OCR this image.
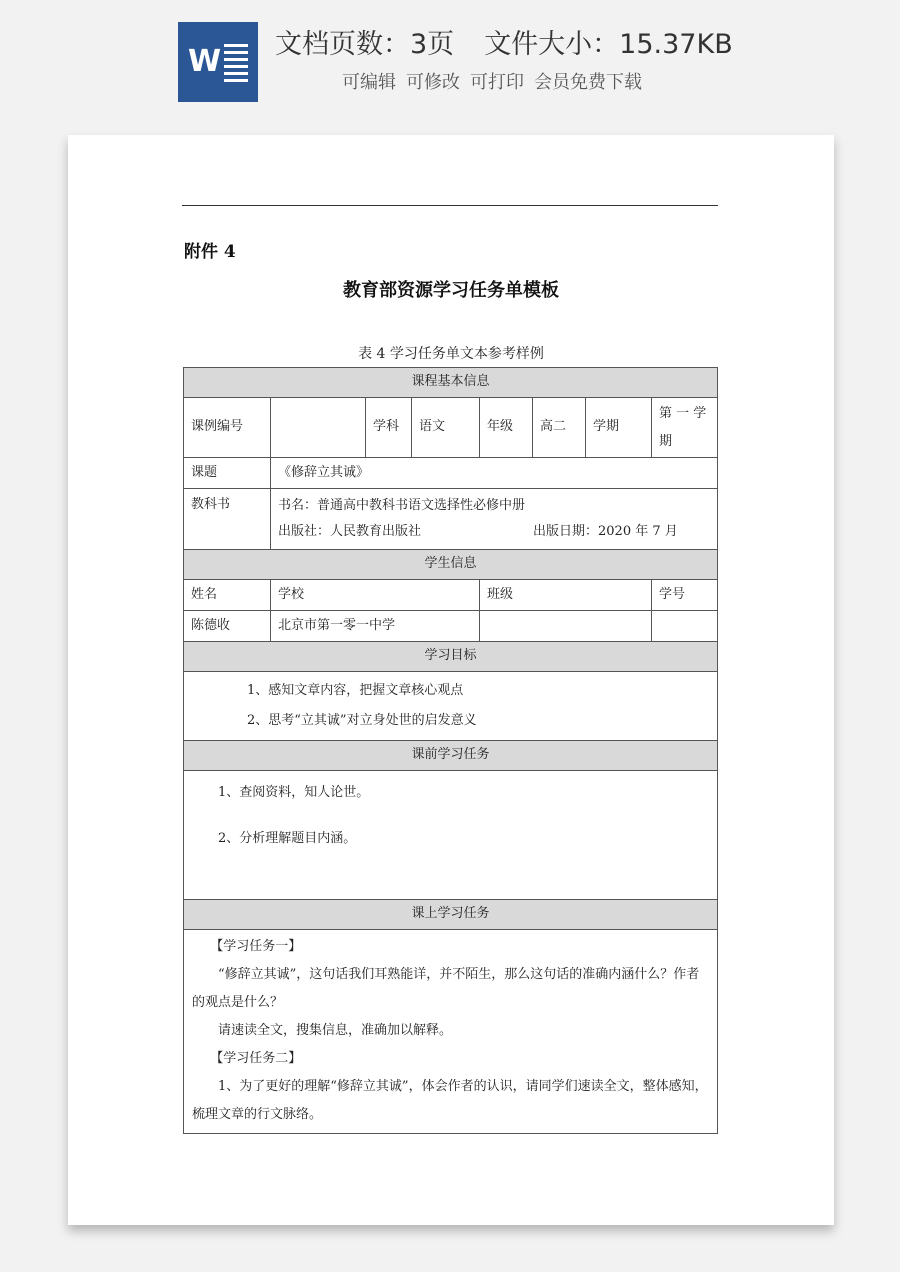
W 文档页数：3页 文件大小：15.37KB
可编辑 可修改 可打印 会员免费下载
附件 4
教育部资源学习任务单模板
表 4 学习任务单文本参考样例
课程基本信息							
课例编号		学科	语文	年级	高二	学期	第 一 学期
课题	《修辞立其诚》						
教科书	书名：普通高中教科书语文选择性必修中册
出版社：人民教育出版社 出版日期：2020 年 7 月						

学生信息							
姓名	学校			班级			学号
陈德收	北京市第一零一中学						
学习目标							

1、感知文章内容，把握文章核心观点
2、思考“立其诚”对立身处世的启发意义							

课前学习任务							

1、查阅资料，知人论世。
2、分析理解题目内涵。							

课上学习任务							

【学习任务一】

“修辞立其诚”，这句话我们耳熟能详，并不陌生，那么这句话的准确内涵什么？作者的观点是什么？

请速读全文，搜集信息，准确加以解释。

【学习任务二】

1、为了更好的理解“修辞立其诚”，体会作者的认识，请同学们速读全文，整体感知，梳理文章的行文脉络。							
